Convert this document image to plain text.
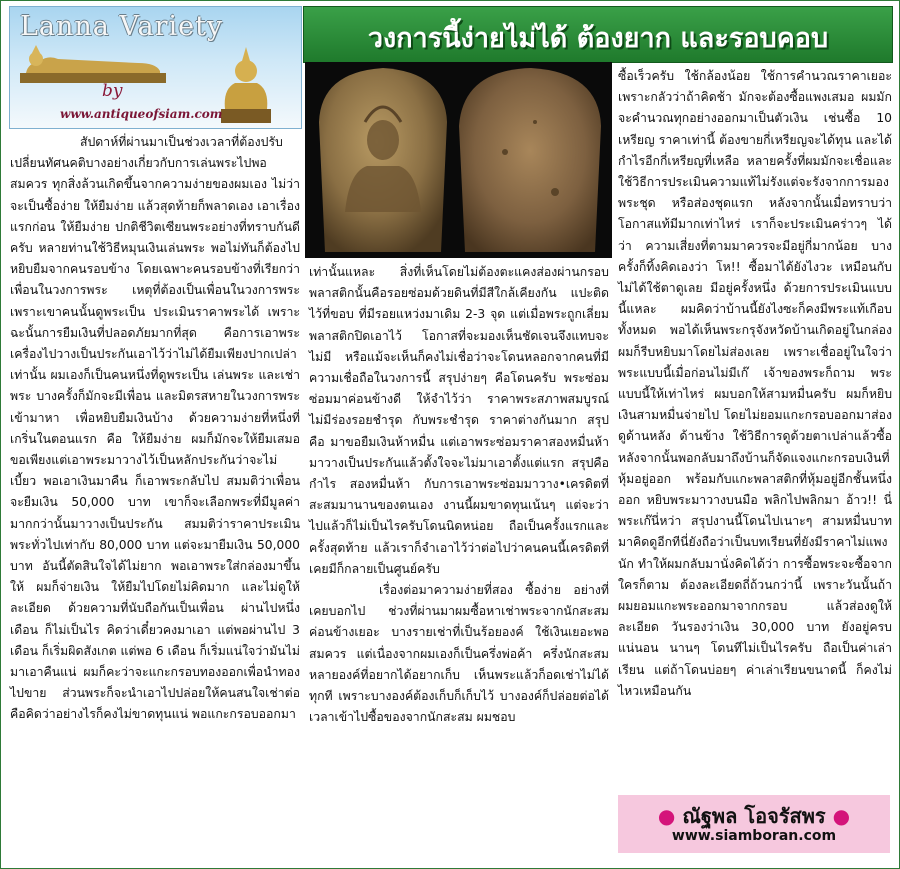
Lanna Variety
by
www.antiqueofsiam.com
วงการนี้ง่ายไม่ได้ ต้องยาก และรอบคอบ

สัปดาห์ที่ผ่านมาเป็นช่วงเวลาที่ต้องปรับเปลี่ยนทัศนคติบางอย่างเกี่ยวกับการเล่นพระไปพอสมควร ทุกสิ่งล้วนเกิดขึ้นจากความง่ายของผมเอง ไม่ว่าจะเป็นซื้อง่าย ให้ยืมง่าย แล้วสุดท้ายก็พลาดเอง เอาเรื่องแรกก่อน ให้ยืมง่าย ปกติชีวิตเซียนพระอย่างที่ทราบกันดีครับ หลายท่านใช้วิธีหมุนเงินเล่นพระ พอไม่ทันก็ต้องไปหยิบยืมจากคนรอบข้าง โดยเฉพาะคนรอบข้างที่เรียกว่าเพื่อนในวงการพระ เหตุที่ต้องเป็นเพื่อนในวงการพระ เพราะเขาคนนั้นดูพระเป็น ประเมินราคาพระได้ เพราะฉะนั้นการยืมเงินที่ปลอดภัยมากที่สุด คือการเอาพระเครื่องไปวางเป็นประกันเอาไว้ว่าไม่ได้ยืมเพียงปากเปล่าเท่านั้น ผมเองก็เป็นคนหนึ่งที่ดูพระเป็น เล่นพระ และเช่าพระ บางครั้งก็มักจะมีเพื่อน และมิตรสหายในวงการพระเข้ามาหา เพื่อหยิบยืมเงินบ้าง ด้วยความง่ายที่หนึ่งที่เกริ่นในตอนแรก คือ ให้ยืมง่าย ผมก็มักจะให้ยืมเสมอ ขอเพียงแต่เอาพระมาวางไว้เป็นหลักประกันว่าจะไม่เบี้ยว พอเอาเงินมาคืน ก็เอาพระกลับไป สมมติว่าเพื่อนจะยืมเงิน 50,000 บาท เขาก็จะเลือกพระที่มีมูลค่ามากกว่านั้นมาวางเป็นประกัน สมมติว่าราคาประเมินพระทั่วไปเท่ากับ 80,000 บาท แต่จะมายืมเงิน 50,000 บาท อันนี้ตัดสินใจได้ไม่ยาก พอเอาพระใส่กล่องมาขึ้นให้ ผมก็จ่ายเงิน ให้ยืมไปโดยไม่คิดมาก และไม่ดูให้ละเอียด ด้วยความที่นับถือกันเป็นเพื่อน ผ่านไปหนึ่งเดือน ก็ไม่เป็นไร คิดว่าเดี๋ยวคงมาเอา แต่พอผ่านไป 3 เดือน ก็เริ่มผิดสังเกต แต่พอ 6 เดือน ก็เริ่มแน่ใจว่ามันไม่มาเอาคืนแน่ ผมก็คะว่าจะแกะกรอบทองออกเพื่อนำทองไปขาย ส่วนพระก็จะนำเอาไปปล่อยให้คนสนใจเช่าต่อ คือคิดว่าอย่างไรก็คงไม่ขาดทุนแน่ พอแกะกรอบออกมา

เท่านั้นแหละ สิ่งที่เห็นโดยไม่ต้องตะแคงส่องผ่านกรอบพลาสติกนั้นคือรอยซ่อมด้วยดินที่มีสีใกล้เคียงกัน แปะติดไว้ที่ขอบ ที่มีรอยแหว่งมาเดิม 2-3 จุด แต่เมื่อพระถูกเลี่ยมพลาสติกปิดเอาไว้ โอกาสที่จะมองเห็นชัดเจนจึงแทบจะไม่มี หรือแม้จะเห็นก็คงไม่เชื่อว่าจะโดนหลอกจากคนที่มีความเชื่อถือในวงการนี้ สรุปง่ายๆ คือโดนครับ พระซ่อม ซ่อมมาค่อนข้างดี ให้จำไว้ว่า ราคาพระสภาพสมบูรณ์ ไม่มีร่องรอยชำรุด กับพระชำรุด ราคาต่างกันมาก สรุป คือ มาขอยืมเงินห้าหมื่น แต่เอาพระซ่อมราคาสองหมื่นห้ามาวางเป็นประกันแล้วตั้งใจจะไม่มาเอาตั้งแต่แรก สรุปคือ กำไร สองหมื่นห้า กับการเอาพระซ่อมมาวาง•เครดิตที่สะสมมานานของตนเอง งานนี้ผมขาดทุนเน้นๆ แต่จะว่าไปแล้วก็ไม่เป็นไรครับโดนนิดหน่อย ถือเป็นครั้งแรกและครั้งสุดท้าย แล้วเราก็จำเอาไว้ว่าต่อไปว่าคนคนนี้เครดิตที่เคยมีก็กลายเป็นศูนย์ครับ

เรื่องต่อมาความง่ายที่สอง ซื้อง่าย อย่างที่เคยบอกไป ช่วงที่ผ่านมาผมซื้อหาเช่าพระจากนักสะสมค่อนข้างเยอะ บางรายเช่าที่เป็นร้อยองค์ ใช้เงินเยอะพอสมควร แต่เนื่องจากผมเองก็เป็นครึ่งพ่อค้า ครึ่งนักสะสม หลายองค์ที่อยากได้อยากเก็บ เห็นพระแล้วก็อดเช่าไม่ได้ทุกที เพราะบางองค์ต้องเก็บก็เก็บไว้ บางองค์ก็ปล่อยต่อได้ เวลาเข้าไปซื้อของจากนักสะสม ผมชอบ

ซื้อเร็วครับ ใช้กล้องน้อย ใช้การคำนวณราคาเยอะ เพราะกลัวว่าถ้าคิดช้า มักจะต้องซื้อแพงเสมอ ผมมักจะคำนวณทุกอย่างออกมาเป็นตัวเงิน เช่นซื้อ 10 เหรียญ ราคาเท่านี้ ต้องขายกี่เหรียญจะได้ทุน และได้กำไรอีกกี่เหรียญที่เหลือ หลายครั้งที่ผมมักจะเชื่อและใช้วิธีการประเมินความแท้ไม่รังแต่จะรังจากการมองพระชุด หรือส่องชุดแรก หลังจากนั้นเมื่อทราบว่าโอกาสแท้มีมากเท่าไหร่ เราก็จะประเมินคร่าวๆ ได้ว่า ความเสี่ยงที่ตามมาควรจะมีอยู่กี่มากน้อย บางครั้งก็ทิ้งคิดเองว่า โห!! ซื้อมาได้ยังไงวะ เหมือนกับไม่ได้ใช้ตาดูเลย มีอยู่ครั้งหนึ่ง ด้วยการประเมินแบบนี้แหละ ผมคิดว่าบ้านนี้ยังไงซะก็คงมีพระแท้เกือบทั้งหมด พอได้เห็นพระกรุจังหวัดบ้านเกิดอยู่ในกล่องผมก็รีบหยิบมาโดยไม่ส่องเลย เพราะเชื่ออยู่ในใจว่าพระแบบนี้เมื่อก่อนไม่มีเก๊ เจ้าของพระก็ถาม พระแบบนี้ให้เท่าไหร่ ผมบอกให้สามหมื่นครับ ผมก็หยิบเงินสามหมื่นจ่ายไป โดยไม่ยอมแกะกรอบออกมาส่องดูด้านหลัง ด้านข้าง ใช้วิธีการดูด้วยตาเปล่าแล้วซื้อ หลังจากนั้นพอกลับมาถึงบ้านก็จัดแจงแกะกรอบเงินที่หุ้มอยู่ออก พร้อมกับแกะพลาสติกที่หุ้มอยู่อีกชั้นหนึ่งออก หยิบพระมาวางบนมือ พลิกไปพลิกมา อ้าว!! นี่พระเก๊นี่หว่า สรุปงานนี้โดนไปเนาะๆ สามหมื่นบาท มาคิดดูอีกทีนี่ยังถือว่าเป็นบทเรียนที่ยังมีราคาไม่แพงนัก ทำให้ผมกลับมานั่งคิดได้ว่า การซื้อพระจะซื้อจากใครก็ตาม ต้องละเอียดถี่ถ้วนกว่านี้ เพราะวันนั้นถ้าผมยอมแกะพระออกมาจากกรอบ แล้วส่องดูให้ละเอียด วันรองว่าเงิน 30,000 บาท ยังอยู่ครบแน่นอน นานๆ โดนทีไม่เป็นไรครับ ถือเป็นค่าเล่าเรียน แต่ถ้าโดนบ่อยๆ ค่าเล่าเรียนขนาดนี้ ก็คงไม่ไหวเหมือนกัน

● ณัฐพล โอจรัสพร ●
www.siamboran.com
